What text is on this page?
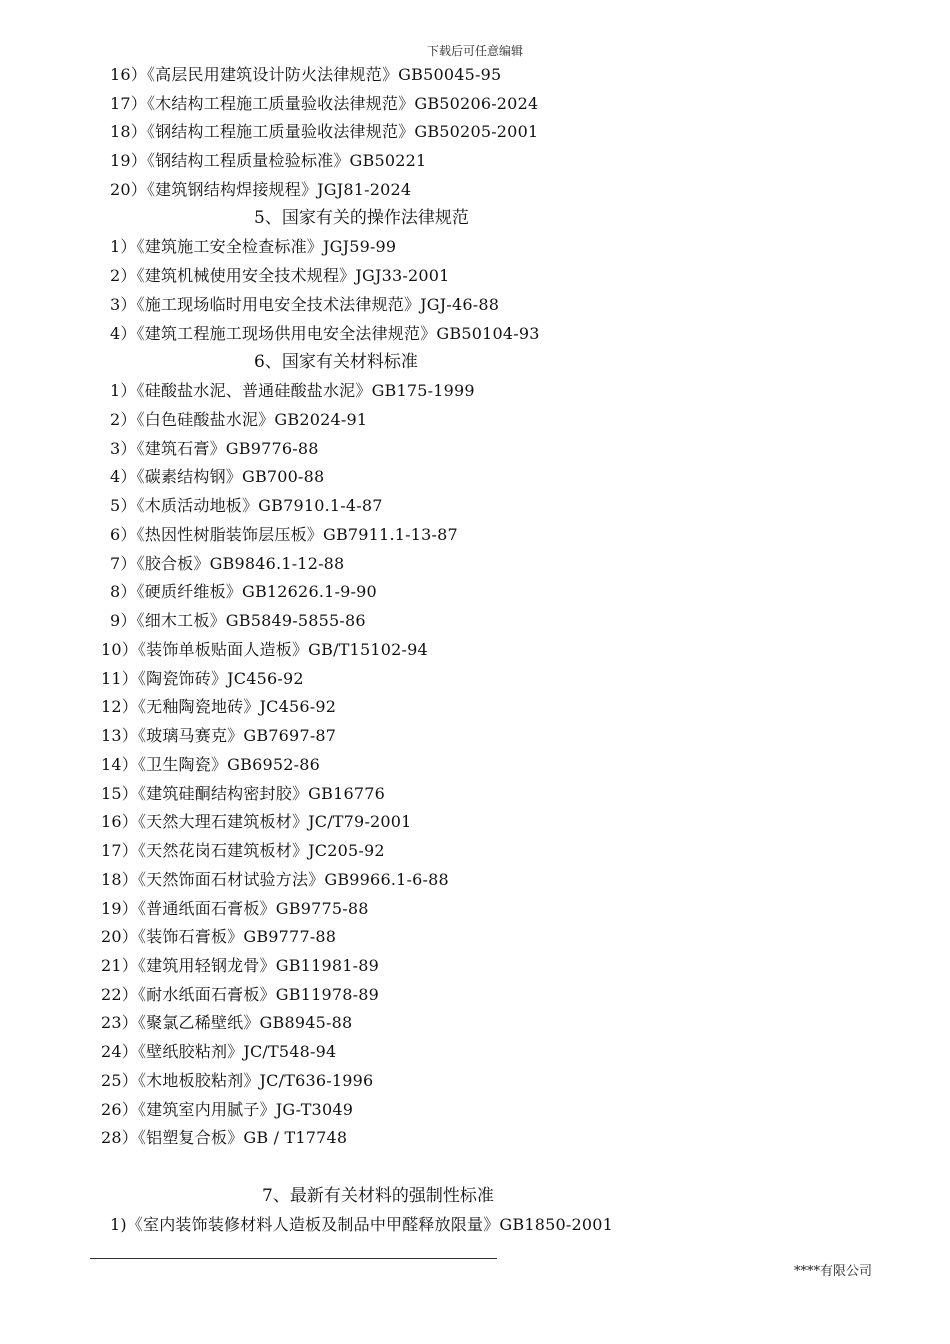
下载后可任意编辑
16）《高层民用建筑设计防火法律规范》GB50045-95
17）《木结构工程施工质量验收法律规范》GB50206-2024
18）《钢结构工程施工质量验收法律规范》GB50205-2001
19）《钢结构工程质量检验标准》GB50221
20）《建筑钢结构焊接规程》JGJ81-2024
5、国家有关的操作法律规范
1）《建筑施工安全检查标准》JGJ59-99
2）《建筑机械使用安全技术规程》JGJ33-2001
3）《施工现场临时用电安全技术法律规范》JGJ-46-88
4）《建筑工程施工现场供用电安全法律规范》GB50104-93
6、国家有关材料标准
1）《硅酸盐水泥、普通硅酸盐水泥》GB175-1999
2）《白色硅酸盐水泥》GB2024-91
3）《建筑石膏》GB9776-88
4）《碳素结构钢》GB700-88
5）《木质活动地板》GB7910.1-4-87
6）《热因性树脂装饰层压板》GB7911.1-13-87
7）《胶合板》GB9846.1-12-88
8）《硬质纤维板》GB12626.1-9-90
9）《细木工板》GB5849-5855-86
10）《装饰单板贴面人造板》GB/T15102-94
11）《陶瓷饰砖》JC456-92
12）《无釉陶瓷地砖》JC456-92
13）《玻璃马赛克》GB7697-87
14）《卫生陶瓷》GB6952-86
15）《建筑硅酮结构密封胶》GB16776
16）《天然大理石建筑板材》JC/T79-2001
17）《天然花岗石建筑板材》JC205-92
18）《天然饰面石材试验方法》GB9966.1-6-88
19）《普通纸面石膏板》GB9775-88
20）《装饰石膏板》GB9777-88
21）《建筑用轻钢龙骨》GB11981-89
22）《耐水纸面石膏板》GB11978-89
23）《聚氯乙稀壁纸》GB8945-88
24）《壁纸胶粘剂》JC/T548-94
25）《木地板胶粘剂》JC/T636-1996
26）《建筑室内用腻子》JG-T3049
28）《铝塑复合板》GB / T17748
7、最新有关材料的强制性标准
1)《室内装饰装修材料人造板及制品中甲醛释放限量》GB1850-2001
****有限公司
